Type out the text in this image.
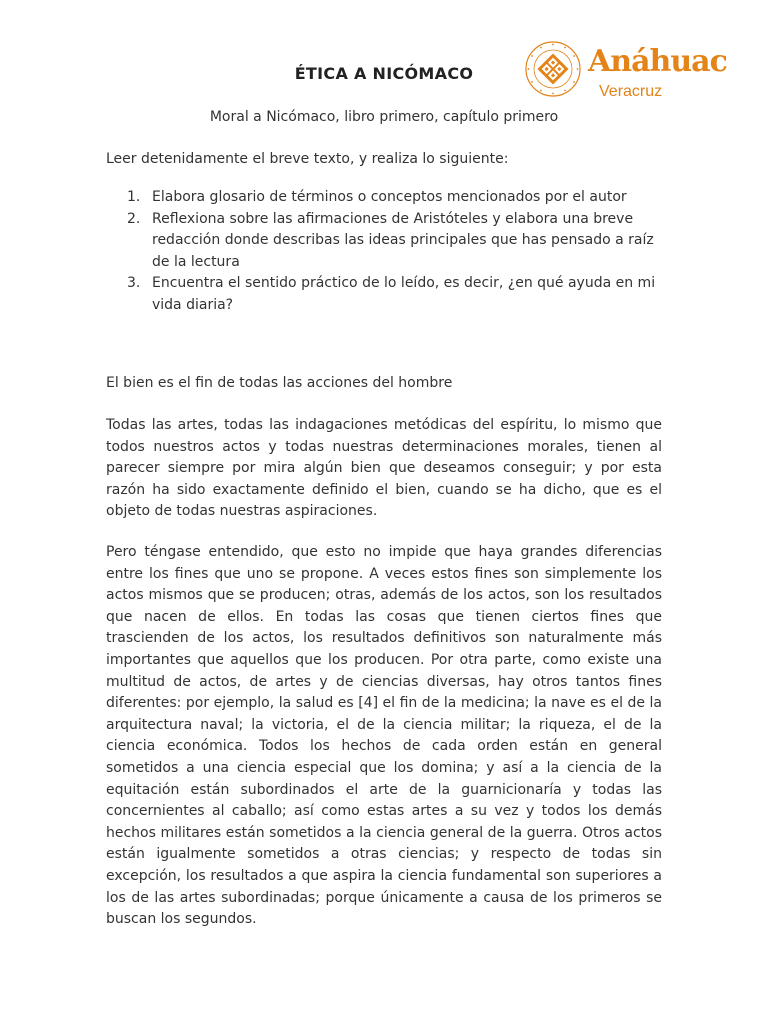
ÉTICA A NICÓMACO	Anáhuac
Veracruz
Moral a Nicómaco, libro primero, capítulo primero
Leer detenidamente el breve texto, y realiza lo siguiente:
1. Elabora glosario de términos o conceptos mencionados por el autor
2. Reflexiona sobre las afirmaciones de Aristóteles y elabora una breve redacción donde describas las ideas principales que has pensado a raíz de la lectura
3. Encuentra el sentido práctico de lo leído, es decir, ¿en qué ayuda en mi vida diaria?
El bien es el fin de todas las acciones del hombre

Todas las artes, todas las indagaciones metódicas del espíritu, lo mismo que todos nuestros actos y todas nuestras determinaciones morales, tienen al parecer siempre por mira algún bien que deseamos conseguir; y por esta razón ha sido exactamente definido el bien, cuando se ha dicho, que es el objeto de todas nuestras aspiraciones.

Pero téngase entendido, que esto no impide que haya grandes diferencias entre los fines que uno se propone. A veces estos fines son simplemente los actos mismos que se producen; otras, además de los actos, son los resultados que nacen de ellos. En todas las cosas que tienen ciertos fines que trascienden de los actos, los resultados definitivos son naturalmente más importantes que aquellos que los producen. Por otra parte, como existe una multitud de actos, de artes y de ciencias diversas, hay otros tantos fines diferentes: por ejemplo, la salud es [4] el fin de la medicina; la nave es el de la arquitectura naval; la victoria, el de la ciencia militar; la riqueza, el de la ciencia económica. Todos los hechos de cada orden están en general sometidos a una ciencia especial que los domina; y así a la ciencia de la equitación están subordinados el arte de la guarnicionaría y todas las concernientes al caballo; así como estas artes a su vez y todos los demás hechos militares están sometidos a la ciencia general de la guerra. Otros actos están igualmente sometidos a otras ciencias; y respecto de todas sin excepción, los resultados a que aspira la ciencia fundamental son superiores a los de las artes subordinadas; porque únicamente a causa de los primeros se buscan los segundos.
